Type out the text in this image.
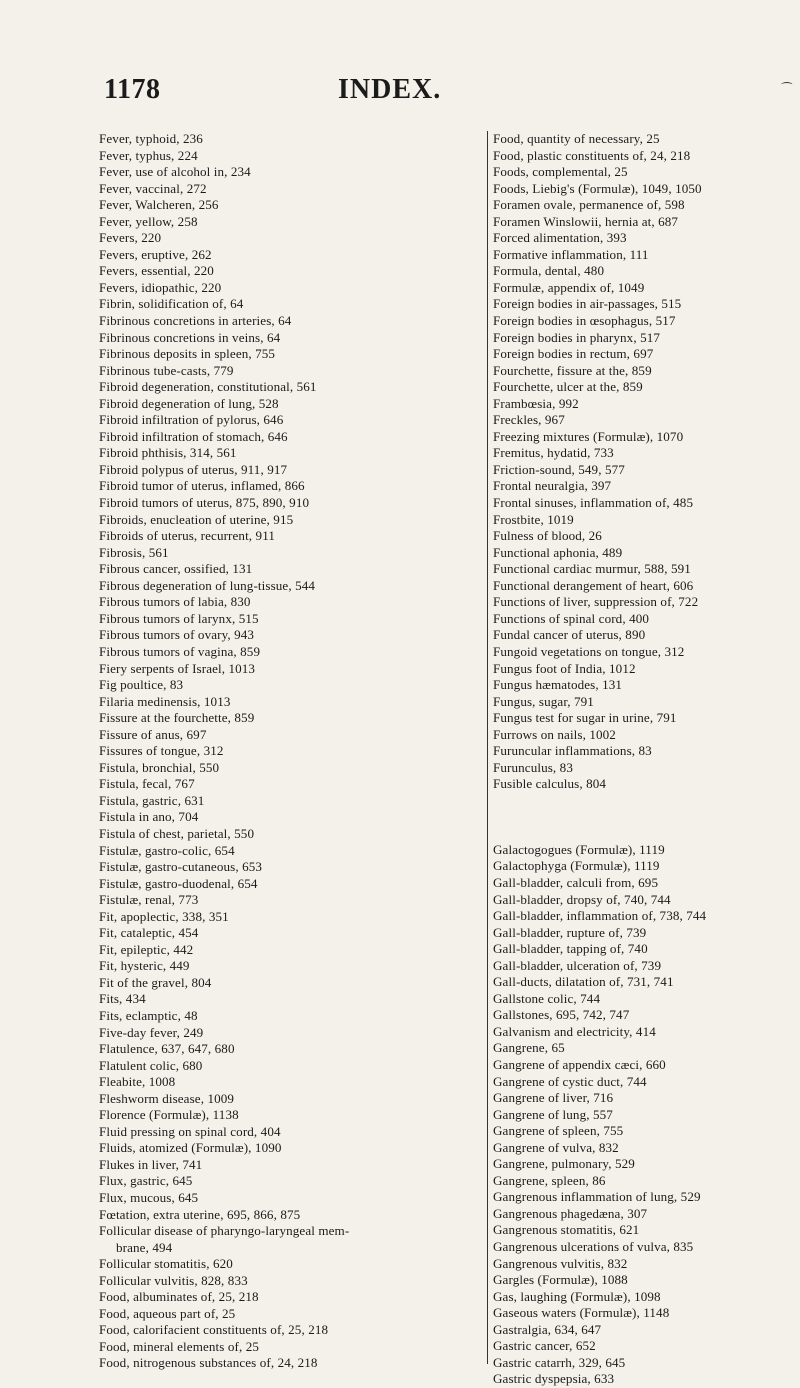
1178	INDEX.	⁀
Fever, typhoid, 236
Fever, typhus, 224
Fever, use of alcohol in, 234
Fever, vaccinal, 272
Fever, Walcheren, 256
Fever, yellow, 258
Fevers, 220
Fevers, eruptive, 262
Fevers, essential, 220
Fevers, idiopathic, 220
Fibrin, solidification of, 64
Fibrinous concretions in arteries, 64
Fibrinous concretions in veins, 64
Fibrinous deposits in spleen, 755
Fibrinous tube-casts, 779
Fibroid degeneration, constitutional, 561
Fibroid degeneration of lung, 528
Fibroid infiltration of pylorus, 646
Fibroid infiltration of stomach, 646
Fibroid phthisis, 314, 561
Fibroid polypus of uterus, 911, 917
Fibroid tumor of uterus, inflamed, 866
Fibroid tumors of uterus, 875, 890, 910
Fibroids, enucleation of uterine, 915
Fibroids of uterus, recurrent, 911
Fibrosis, 561
Fibrous cancer, ossified, 131
Fibrous degeneration of lung-tissue, 544
Fibrous tumors of labia, 830
Fibrous tumors of larynx, 515
Fibrous tumors of ovary, 943
Fibrous tumors of vagina, 859
Fiery serpents of Israel, 1013
Fig poultice, 83
Filaria medinensis, 1013
Fissure at the fourchette, 859
Fissure of anus, 697
Fissures of tongue, 312
Fistula, bronchial, 550
Fistula, fecal, 767
Fistula, gastric, 631
Fistula in ano, 704
Fistula of chest, parietal, 550
Fistulæ, gastro-colic, 654
Fistulæ, gastro-cutaneous, 653
Fistulæ, gastro-duodenal, 654
Fistulæ, renal, 773
Fit, apoplectic, 338, 351
Fit, cataleptic, 454
Fit, epileptic, 442
Fit, hysteric, 449
Fit of the gravel, 804
Fits, 434
Fits, eclamptic, 48
Five-day fever, 249
Flatulence, 637, 647, 680
Flatulent colic, 680
Fleabite, 1008
Fleshworm disease, 1009
Florence (Formulæ), 1138
Fluid pressing on spinal cord, 404
Fluids, atomized (Formulæ), 1090
Flukes in liver, 741
Flux, gastric, 645
Flux, mucous, 645
Fœtation, extra uterine, 695, 866, 875
Follicular disease of pharyngo-laryngeal mem-
brane, 494
Follicular stomatitis, 620
Follicular vulvitis, 828, 833
Food, albuminates of, 25, 218
Food, aqueous part of, 25
Food, calorifacient constituents of, 25, 218
Food, mineral elements of, 25
Food, nitrogenous substances of, 24, 218
Food, quantity of necessary, 25
Food, plastic constituents of, 24, 218
Foods, complemental, 25
Foods, Liebig's (Formulæ), 1049, 1050
Foramen ovale, permanence of, 598
Foramen Winslowii, hernia at, 687
Forced alimentation, 393
Formative inflammation, 111
Formula, dental, 480
Formulæ, appendix of, 1049
Foreign bodies in air-passages, 515
Foreign bodies in œsophagus, 517
Foreign bodies in pharynx, 517
Foreign bodies in rectum, 697
Fourchette, fissure at the, 859
Fourchette, ulcer at the, 859
Frambœsia, 992
Freckles, 967
Freezing mixtures (Formulæ), 1070
Fremitus, hydatid, 733
Friction-sound, 549, 577
Frontal neuralgia, 397
Frontal sinuses, inflammation of, 485
Frostbite, 1019
Fulness of blood, 26
Functional aphonia, 489
Functional cardiac murmur, 588, 591
Functional derangement of heart, 606
Functions of liver, suppression of, 722
Functions of spinal cord, 400
Fundal cancer of uterus, 890
Fungoid vegetations on tongue, 312
Fungus foot of India, 1012
Fungus hæmatodes, 131
Fungus, sugar, 791
Fungus test for sugar in urine, 791
Furrows on nails, 1002
Furuncular inflammations, 83
Furunculus, 83
Fusible calculus, 804
Galactogogues (Formulæ), 1119
Galactophyga (Formulæ), 1119
Gall-bladder, calculi from, 695
Gall-bladder, dropsy of, 740, 744
Gall-bladder, inflammation of, 738, 744
Gall-bladder, rupture of, 739
Gall-bladder, tapping of, 740
Gall-bladder, ulceration of, 739
Gall-ducts, dilatation of, 731, 741
Gallstone colic, 744
Gallstones, 695, 742, 747
Galvanism and electricity, 414
Gangrene, 65
Gangrene of appendix cæci, 660
Gangrene of cystic duct, 744
Gangrene of liver, 716
Gangrene of lung, 557
Gangrene of spleen, 755
Gangrene of vulva, 832
Gangrene, pulmonary, 529
Gangrene, spleen, 86
Gangrenous inflammation of lung, 529
Gangrenous phagedæna, 307
Gangrenous stomatitis, 621
Gangrenous ulcerations of vulva, 835
Gangrenous vulvitis, 832
Gargles (Formulæ), 1088
Gas, laughing (Formulæ), 1098
Gaseous waters (Formulæ), 1148
Gastralgia, 634, 647
Gastric cancer, 652
Gastric catarrh, 329, 645
Gastric dyspepsia, 633
